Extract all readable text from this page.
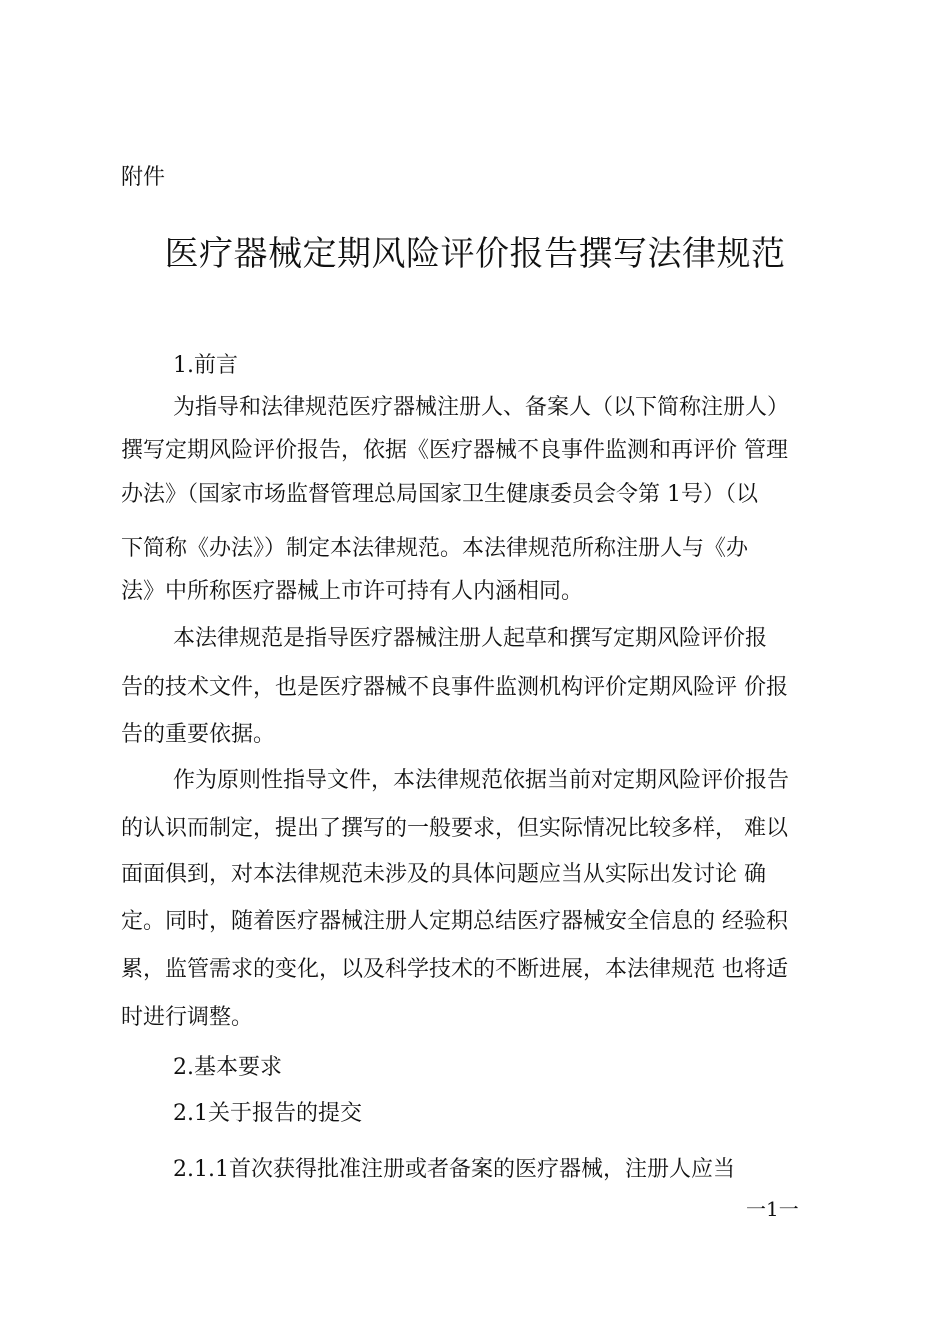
附件
医疗器械定期风险评价报告撰写法律规范
1.前言
为指导和法律规范医疗器械注册人、备案人（以下简称注册人）
撰写定期风险评价报告，依据《医疗器械不良事件监测和再评价 管理
办法》（国家市场监督管理总局国家卫生健康委员会令第 1号）（以
下简称《办法》）制定本法律规范。本法律规范所称注册人与《办
法》中所称医疗器械上市许可持有人内涵相同。
本法律规范是指导医疗器械注册人起草和撰写定期风险评价报
告的技术文件，也是医疗器械不良事件监测机构评价定期风险评 价报
告的重要依据。
作为原则性指导文件，本法律规范依据当前对定期风险评价报告
的认识而制定，提出了撰写的一般要求，但实际情况比较多样， 难以
面面俱到，对本法律规范未涉及的具体问题应当从实际出发讨论 确
定。同时，随着医疗器械注册人定期总结医疗器械安全信息的 经验积
累，监管需求的变化，以及科学技术的不断进展，本法律规范 也将适
时进行调整。
2.基本要求
2.1关于报告的提交
2.1.1首次获得批准注册或者备案的医疗器械，注册人应当
一1一
